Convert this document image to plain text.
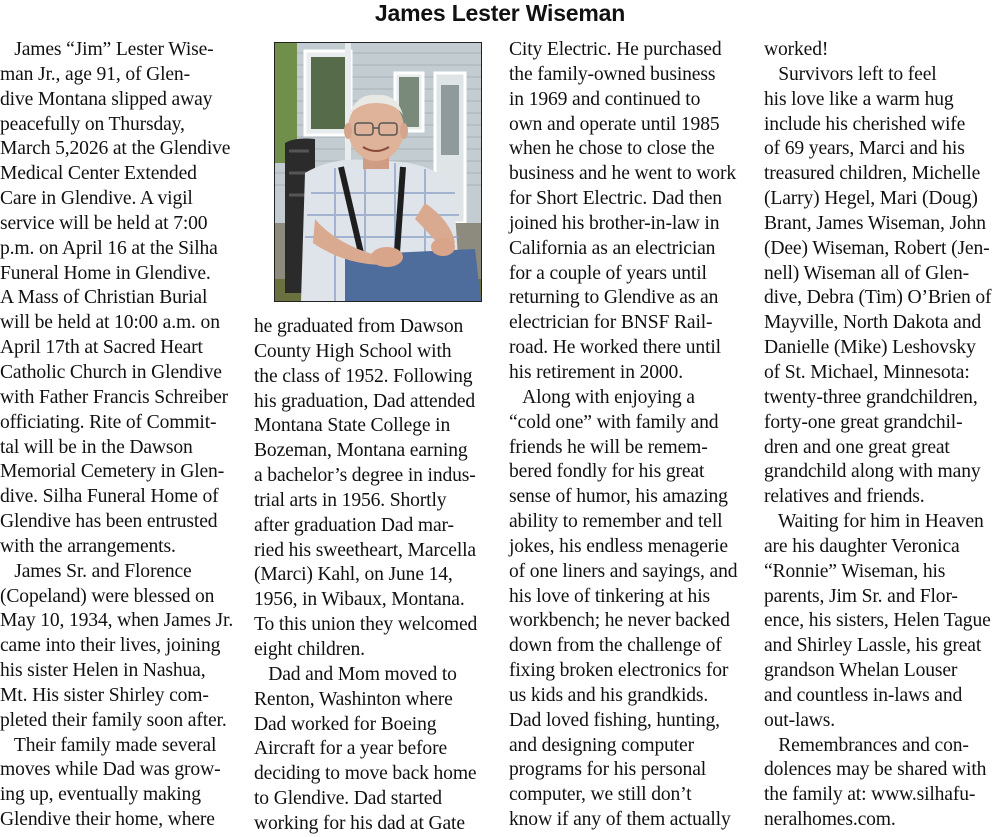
James Lester Wiseman
James “Jim” Lester Wise-
man Jr., age 91, of Glen-
dive Montana slipped away
peacefully on Thursday,
March 5,2026 at the Glendive
Medical Center Extended
Care in Glendive. A vigil
service will be held at 7:00
p.m. on April 16 at the Silha
Funeral Home in Glendive.
A Mass of Christian Burial
will be held at 10:00 a.m. on
April 17th at Sacred Heart
Catholic Church in Glendive
with Father Francis Schreiber
officiating. Rite of Commit-
tal will be in the Dawson
Memorial Cemetery in Glen-
dive. Silha Funeral Home of
Glendive has been entrusted
with the arrangements.
James Sr. and Florence
(Copeland) were blessed on
May 10, 1934, when James Jr.
came into their lives, joining
his sister Helen in Nashua,
Mt. His sister Shirley com-
pleted their family soon after.
Their family made several
moves while Dad was grow-
ing up, eventually making
Glendive their home, where
he graduated from Dawson
County High School with
the class of 1952. Following
his graduation, Dad attended
Montana State College in
Bozeman, Montana earning
a bachelor’s degree in indus-
trial arts in 1956. Shortly
after graduation Dad mar-
ried his sweetheart, Marcella
(Marci) Kahl, on June 14,
1956, in Wibaux, Montana.
To this union they welcomed
eight children.
Dad and Mom moved to
Renton, Washinton where
Dad worked for Boeing
Aircraft for a year before
deciding to move back home
to Glendive. Dad started
working for his dad at Gate
City Electric. He purchased
the family-owned business
in 1969 and continued to
own and operate until 1985
when he chose to close the
business and he went to work
for Short Electric. Dad then
joined his brother-in-law in
California as an electrician
for a couple of years until
returning to Glendive as an
electrician for BNSF Rail-
road. He worked there until
his retirement in 2000.
Along with enjoying a
“cold one” with family and
friends he will be remem-
bered fondly for his great
sense of humor, his amazing
ability to remember and tell
jokes, his endless menagerie
of one liners and sayings, and
his love of tinkering at his
workbench; he never backed
down from the challenge of
fixing broken electronics for
us kids and his grandkids.
Dad loved fishing, hunting,
and designing computer
programs for his personal
computer, we still don’t
know if any of them actually
worked!
Survivors left to feel
his love like a warm hug
include his cherished wife
of 69 years, Marci and his
treasured children, Michelle
(Larry) Hegel, Mari (Doug)
Brant, James Wiseman, John
(Dee) Wiseman, Robert (Jen-
nell) Wiseman all of Glen-
dive, Debra (Tim) O’Brien of
Mayville, North Dakota and
Danielle (Mike) Leshovsky
of St. Michael, Minnesota:
twenty-three grandchildren,
forty-one great grandchil-
dren and one great great
grandchild along with many
relatives and friends.
Waiting for him in Heaven
are his daughter Veronica
“Ronnie” Wiseman, his
parents, Jim Sr. and Flor-
ence, his sisters, Helen Tague
and Shirley Lassle, his great
grandson Whelan Louser
and countless in-laws and
out-laws.
Remembrances and con-
dolences may be shared with
the family at: www.silhafu-
neralhomes.com.
